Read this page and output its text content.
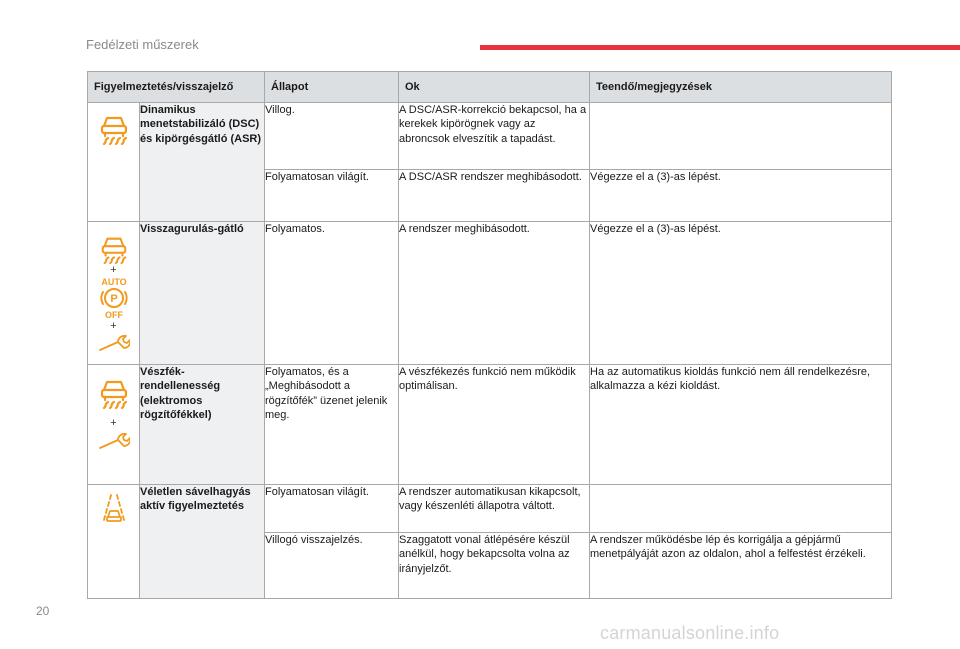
Fedélzeti műszerek
Figyelmeztetés/visszajelző		Állapot	Ok	Teendő/megjegyzések

	Dinamikus menetstabilizáló (DSC) és kipörgésgátló (ASR)	Villog.	A DSC/ASR-korrekció bekapcsol, ha a kerekek kipörögnek vagy az abroncsok elveszítik a tapadást.	
		Folyamatosan világít.	A DSC/ASR rendszer meghibásodott.	Végezze el a (3)-as lépést.

+
AUTO
P
OFF
+	Visszagurulás-gátló	Folyamatos.	A rendszer meghibásodott.	Végezze el a (3)-as lépést.

+	Vészfék-rendellenesség (elektromos rögzítőfékkel)	Folyamatos, és a „Meghibásodott a rögzítőfék” üzenet jelenik meg.	A vészfékezés funkció nem működik optimálisan.	Ha az automatikus kioldás funkció nem áll rendelkezésre, alkalmazza a kézi kioldást.

	Véletlen sávelhagyás aktív figyelmeztetés	Folyamatosan világít.	A rendszer automatikusan kikapcsolt, vagy készenléti állapotra váltott.	
		Villogó visszajelzés.	Szaggatott vonal átlépésére készül anélkül, hogy bekapcsolta volna az irányjelzőt.	A rendszer működésbe lép és korrigálja a gépjármű menetpályáját azon az oldalon, ahol a felfestést érzékeli.
20
carmanualsonline.info
